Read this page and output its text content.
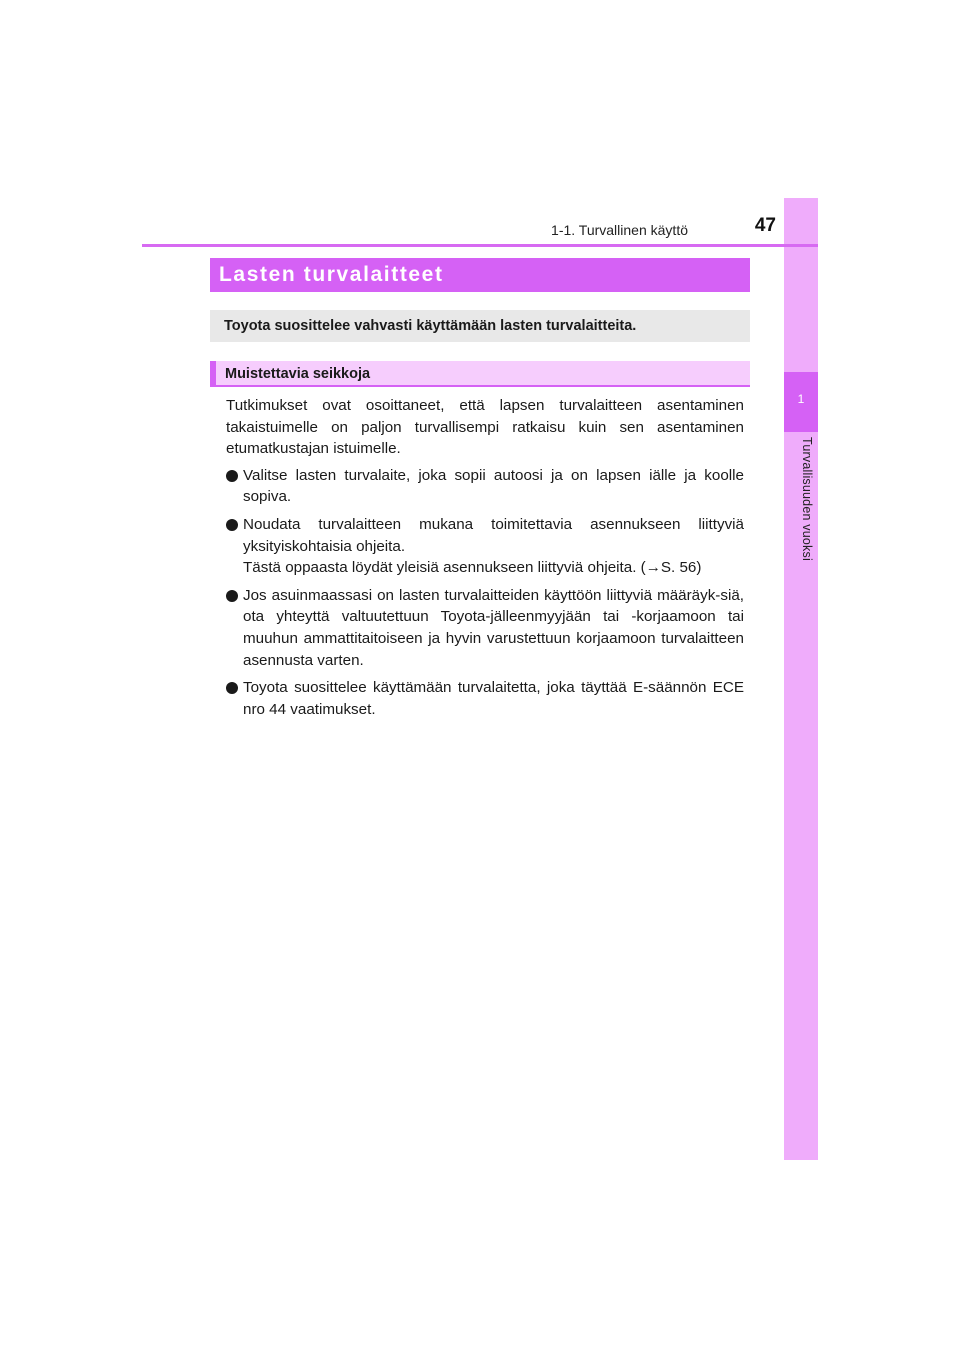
1
Turvallisuuden vuoksi
1-1. Turvallinen käyttö	47
Lasten turvalaitteet
Toyota suosittelee vahvasti käyttämään lasten turvalaitteita.
Muistettavia seikkoja

Tutkimukset ovat osoittaneet, että lapsen turvalaitteen asentaminen takaistuimelle on paljon turvallisempi ratkaisu kuin sen asentaminen etumatkustajan istuimelle.

Valitse lasten turvalaite, joka sopii autoosi ja on lapsen iälle ja koolle sopiva.
Noudata turvalaitteen mukana toimitettavia asennukseen liittyviä yksityiskohtaisia ohjeita.
Tästä oppaasta löydät yleisiä asennukseen liittyviä ohjeita. (→S. 56)
Jos asuinmaassasi on lasten turvalaitteiden käyttöön liittyviä määräyk-siä, ota yhteyttä valtuutettuun Toyota-jälleenmyyjään tai -korjaamoon tai muuhun ammattitaitoiseen ja hyvin varustettuun korjaamoon turvalaitteen asennusta varten.
Toyota suosittelee käyttämään turvalaitetta, joka täyttää E-säännön ECE nro 44 vaatimukset.
